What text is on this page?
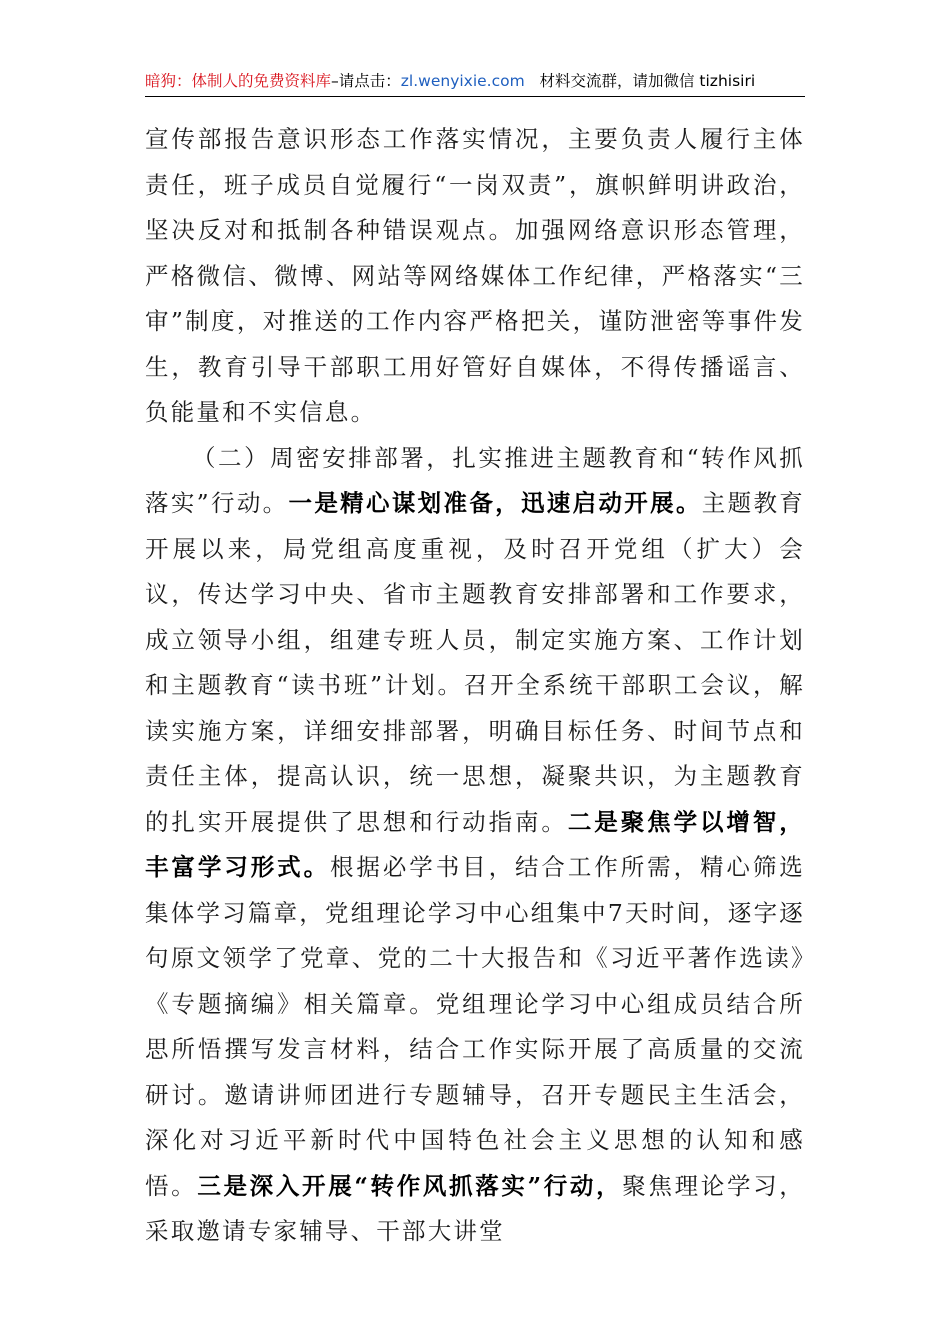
暗狗：体制人的免费资料库–请点击：zl.wenyixie.com 材料交流群，请加微信 tizhisiri

宣传部报告意识形态工作落实情况，主要负责人履行主体责任，班子成员自觉履行“一岗双责”，旗帜鲜明讲政治，坚决反对和抵制各种错误观点。加强网络意识形态管理，严格微信、微博、网站等网络媒体工作纪律，严格落实“三审”制度，对推送的工作内容严格把关，谨防泄密等事件发生，教育引导干部职工用好管好自媒体，不得传播谣言、负能量和不实信息。

（二）周密安排部署，扎实推进主题教育和“转作风抓落实”行动。一是精心谋划准备，迅速启动开展。主题教育开展以来，局党组高度重视，及时召开党组（扩大）会议，传达学习中央、省市主题教育安排部署和工作要求，成立领导小组，组建专班人员，制定实施方案、工作计划和主题教育“读书班”计划。召开全系统干部职工会议，解读实施方案，详细安排部署，明确目标任务、时间节点和责任主体，提高认识，统一思想，凝聚共识，为主题教育的扎实开展提供了思想和行动指南。二是聚焦学以增智，丰富学习形式。根据必学书目，结合工作所需，精心筛选集体学习篇章，党组理论学习中心组集中7天时间，逐字逐句原文领学了党章、党的二十大报告和《习近平著作选读》《专题摘编》相关篇章。党组理论学习中心组成员结合所思所悟撰写发言材料，结合工作实际开展了高质量的交流研讨。邀请讲师团进行专题辅导，召开专题民主生活会，深化对习近平新时代中国特色社会主义思想的认知和感悟。三是深入开展“转作风抓落实”行动，聚焦理论学习，采取邀请专家辅导、干部大讲堂
